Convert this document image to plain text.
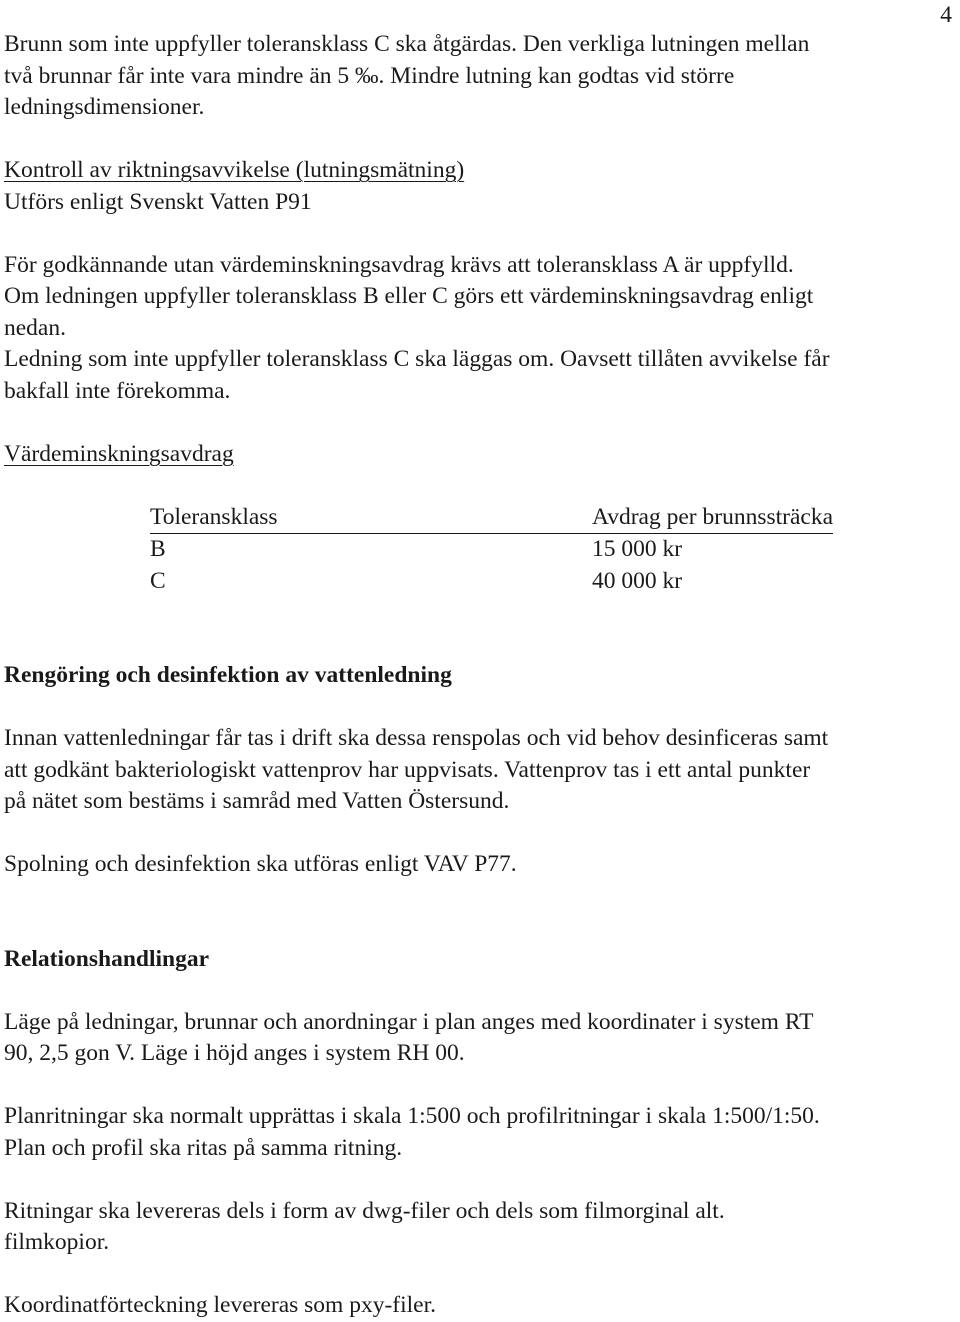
4

Brunn som inte uppfyller toleransklass C ska åtgärdas. Den verkliga lutningen mellan

två brunnar får inte vara mindre än 5 ‰. Mindre lutning kan godtas vid större

ledningsdimensioner.

Kontroll av riktningsavvikelse (lutningsmätning)

Utförs enligt Svenskt Vatten P91

För godkännande utan värdeminskningsavdrag krävs att toleransklass A är uppfylld.

Om ledningen uppfyller toleransklass B eller C görs ett värdeminskningsavdrag enligt

nedan.

Ledning som inte uppfyller toleransklass C ska läggas om. Oavsett tillåten avvikelse får

bakfall inte förekomma.

Värdeminskningsavdrag

Toleransklass	Avdrag per brunnssträcka
B	15 000 kr
C	40 000 kr

Rengöring och desinfektion av vattenledning

Innan vattenledningar får tas i drift ska dessa renspolas och vid behov desinficeras samt

att godkänt bakteriologiskt vattenprov har uppvisats. Vattenprov tas i ett antal punkter

på nätet som bestäms i samråd med Vatten Östersund.

Spolning och desinfektion ska utföras enligt VAV P77.

Relationshandlingar

Läge på ledningar, brunnar och anordningar i plan anges med koordinater i system RT

90, 2,5 gon V. Läge i höjd anges i system RH 00.

Planritningar ska normalt upprättas i skala 1:500 och profilritningar i skala 1:500/1:50.

Plan och profil ska ritas på samma ritning.

Ritningar ska levereras dels i form av dwg-filer och dels som filmorginal alt.

filmkopior.

Koordinatförteckning levereras som pxy-filer.
